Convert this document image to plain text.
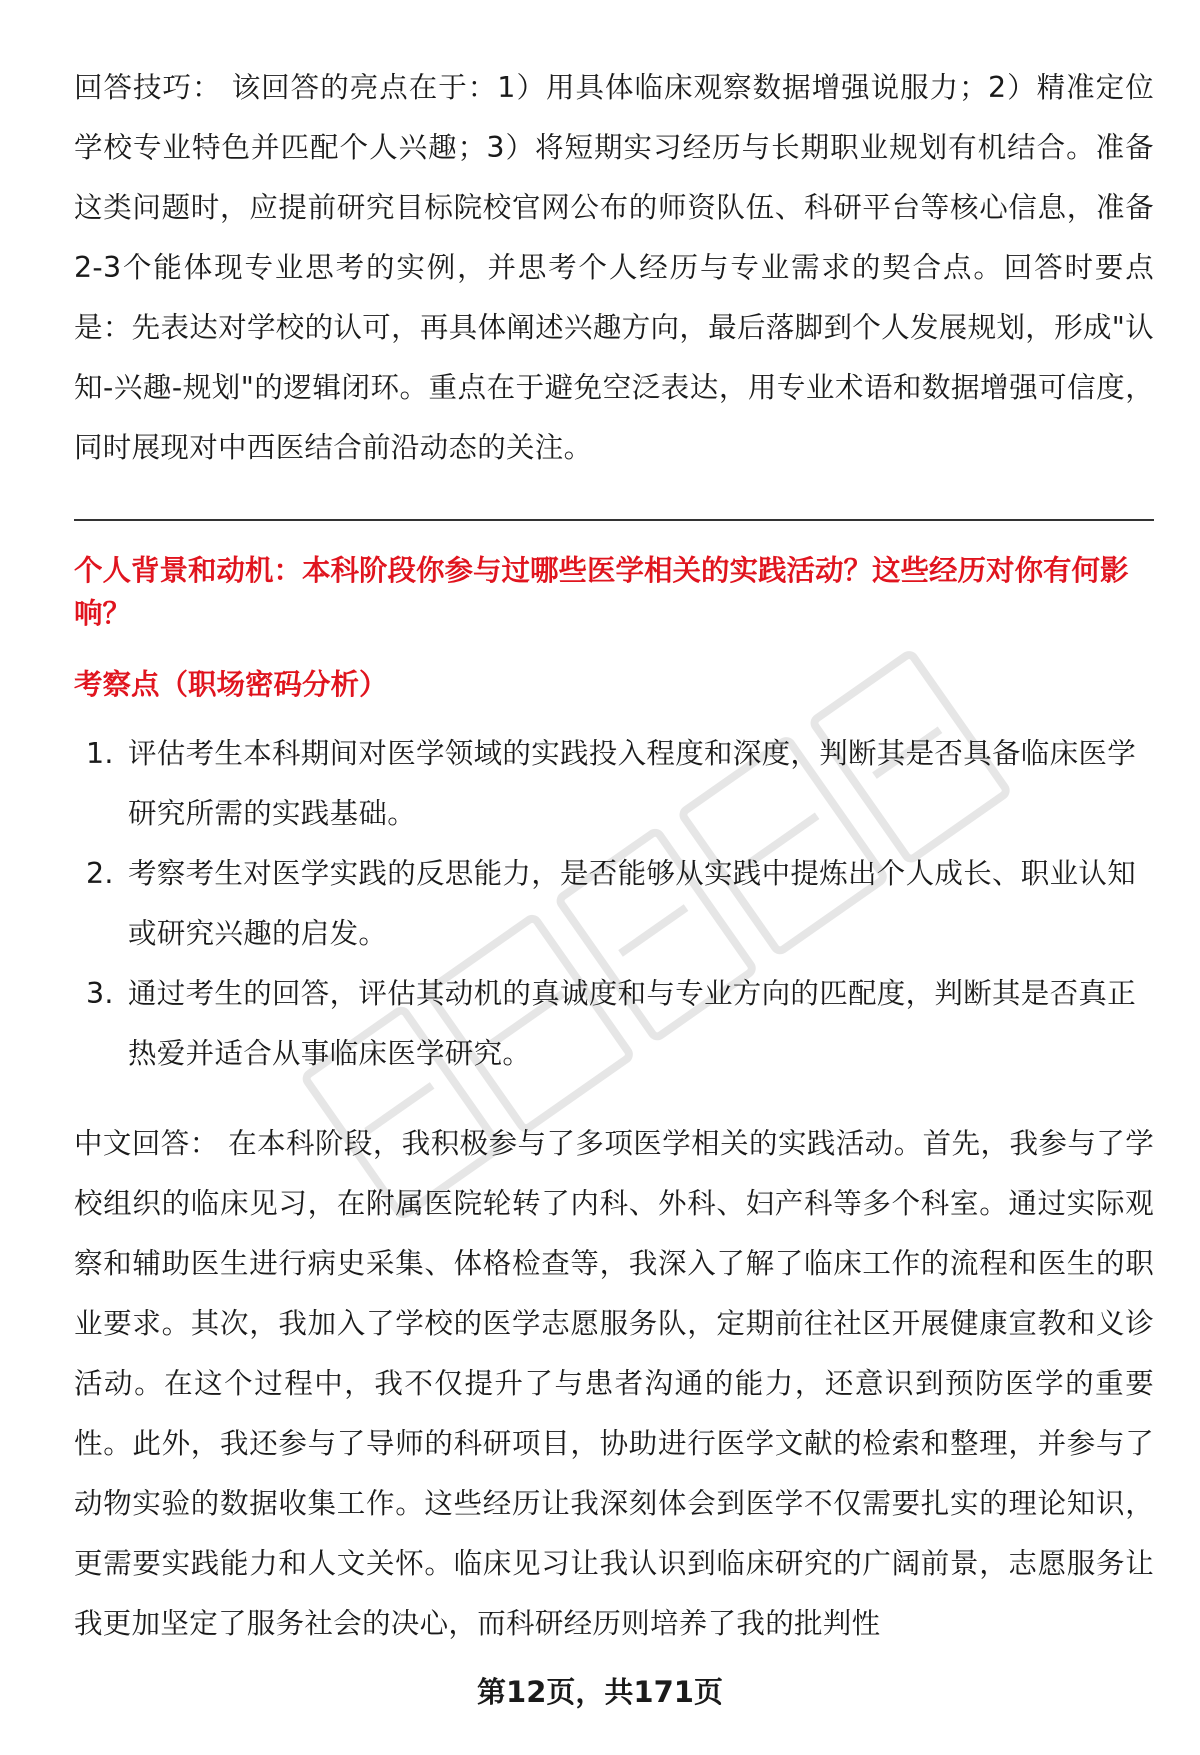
回答技巧： 该回答的亮点在于：1）用具体临床观察数据增强说服力；2）精准定位学校专业特色并匹配个人兴趣；3）将短期实习经历与长期职业规划有机结合。准备这类问题时，应提前研究目标院校官网公布的师资队伍、科研平台等核心信息，准备2-3个能体现专业思考的实例，并思考个人经历与专业需求的契合点。回答时要点是：先表达对学校的认可，再具体阐述兴趣方向，最后落脚到个人发展规划，形成"认知-兴趣-规划"的逻辑闭环。重点在于避免空泛表达，用专业术语和数据增强可信度，同时展现对中西医结合前沿动态的关注。

个人背景和动机：本科阶段你参与过哪些医学相关的实践活动？这些经历对你有何影响？

考察点（职场密码分析）

1. 评估考生本科期间对医学领域的实践投入程度和深度，判断其是否具备临床医学研究所需的实践基础。
2. 考察考生对医学实践的反思能力，是否能够从实践中提炼出个人成长、职业认知或研究兴趣的启发。
3. 通过考生的回答，评估其动机的真诚度和与专业方向的匹配度，判断其是否真正热爱并适合从事临床医学研究。

中文回答： 在本科阶段，我积极参与了多项医学相关的实践活动。首先，我参与了学校组织的临床见习，在附属医院轮转了内科、外科、妇产科等多个科室。通过实际观察和辅助医生进行病史采集、体格检查等，我深入了解了临床工作的流程和医生的职业要求。其次，我加入了学校的医学志愿服务队，定期前往社区开展健康宣教和义诊活动。在这个过程中，我不仅提升了与患者沟通的能力，还意识到预防医学的重要性。此外，我还参与了导师的科研项目，协助进行医学文献的检索和整理，并参与了动物实验的数据收集工作。这些经历让我深刻体会到医学不仅需要扎实的理论知识，更需要实践能力和人文关怀。临床见习让我认识到临床研究的广阔前景，志愿服务让我更加坚定了服务社会的决心，而科研经历则培养了我的批判性

第12页，共171页
